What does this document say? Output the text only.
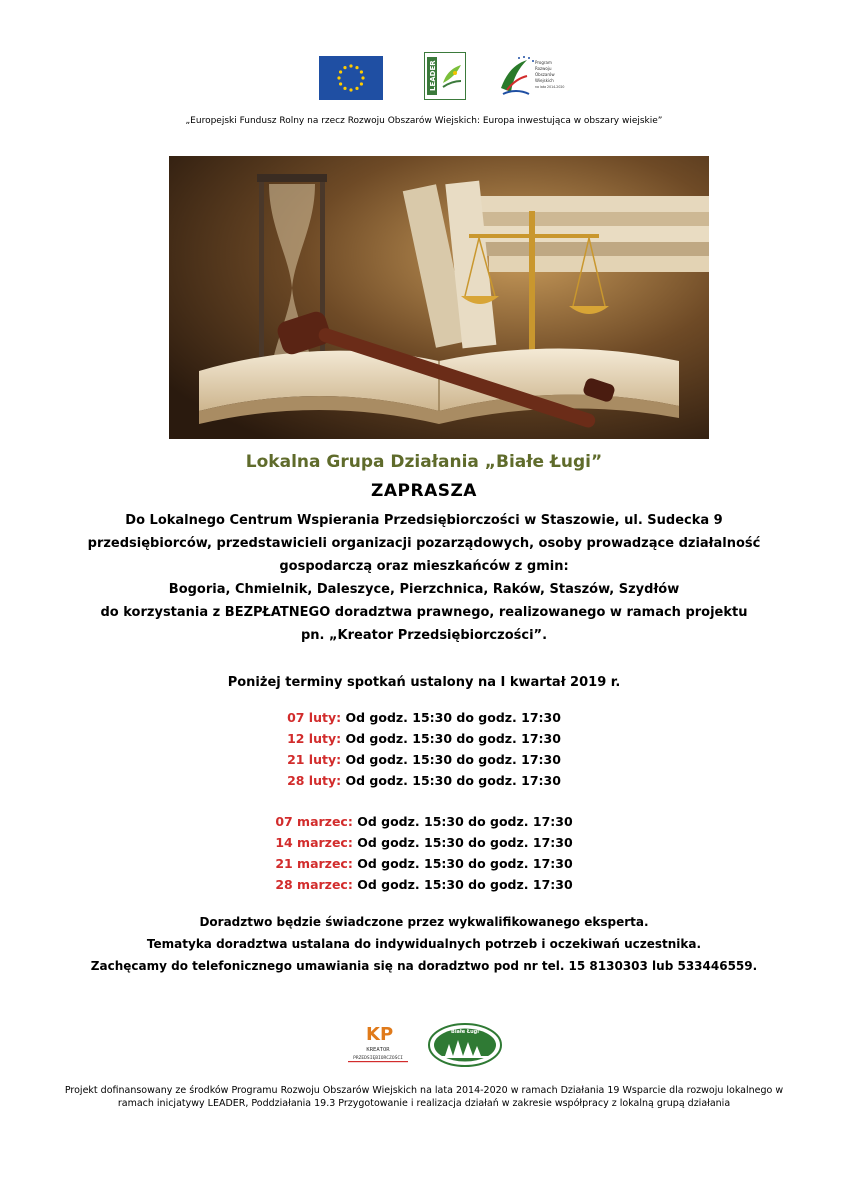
LEADER	Program
Rozwoju
Obszarów
Wiejskich
na lata 2014-2020
„Europejski Fundusz Rolny na rzecz Rozwoju Obszarów Wiejskich: Europa inwestująca w obszary wiejskie”
Lokalna Grupa Działania „Białe Ługi”
ZAPRASZA
Do Lokalnego Centrum Wspierania Przedsiębiorczości w Staszowie, ul. Sudecka 9
przedsiębiorców, przedstawicieli organizacji pozarządowych, osoby prowadzące działalność
gospodarczą oraz mieszkańców z gmin:
Bogoria, Chmielnik, Daleszyce, Pierzchnica, Raków, Staszów, Szydłów
do korzystania z BEZPŁATNEGO doradztwa prawnego, realizowanego w ramach projektu
pn. „Kreator Przedsiębiorczości”.
Poniżej terminy spotkań ustalony na I kwartał 2019 r.
07 luty: Od godz. 15:30 do godz. 17:30
12 luty: Od godz. 15:30 do godz. 17:30
21 luty: Od godz. 15:30 do godz. 17:30
28 luty: Od godz. 15:30 do godz. 17:30
07 marzec: Od godz. 15:30 do godz. 17:30
14 marzec: Od godz. 15:30 do godz. 17:30
21 marzec: Od godz. 15:30 do godz. 17:30
28 marzec: Od godz. 15:30 do godz. 17:30
Doradztwo będzie świadczone przez wykwalifikowanego eksperta.
Tematyka doradztwa ustalana do indywidualnych potrzeb i oczekiwań uczestnika.
Zachęcamy do telefonicznego umawiania się na doradztwo pod nr tel. 15 8130303 lub 533446559.
KP
KREATOR
PRZEDSIĘBIORCZOŚCI
Białe Ługi
Projekt dofinansowany ze środków Programu Rozwoju Obszarów Wiejskich na lata 2014-2020 w ramach Działania 19 Wsparcie dla rozwoju lokalnego w
ramach inicjatywy LEADER, Poddziałania 19.3 Przygotowanie i realizacja działań w zakresie współpracy z lokalną grupą działania
